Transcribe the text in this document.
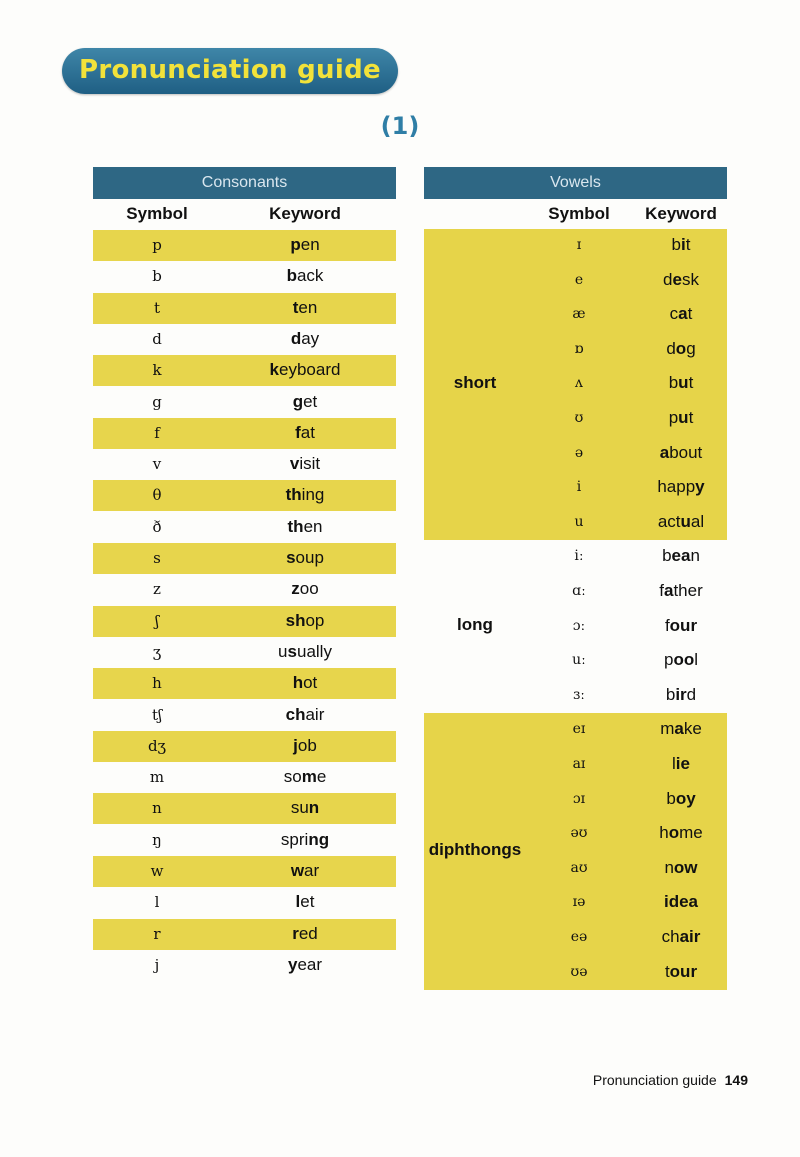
Pronunciation guide
(1)
Consonants
Symbol	Keyword
p	pen
b	back
t	ten
d	day
k	keyboard
g	get
f	fat
v	visit
θ	thing
ð	then
s	soup
z	zoo
ʃ	shop
ʒ	usually
h	hot
tʃ	chair
dʒ	job
m	some
n	sun
ŋ	spring
w	war
l	let
r	red
j	year
Vowels
Symbol	Keyword
short
ɪ	bit
e	desk
æ	cat
ɒ	dog
ʌ	but
ʊ	put
ə	about
i	happy
u	actual
long
iː	bean
ɑː	father
ɔː	four
uː	pool
ɜː	bird
diphthongs
eɪ	make
aɪ	lie
ɔɪ	boy
əʊ	home
aʊ	now
ɪə	idea
eə	chair
ʊə	tour
Pronunciation guide 149
